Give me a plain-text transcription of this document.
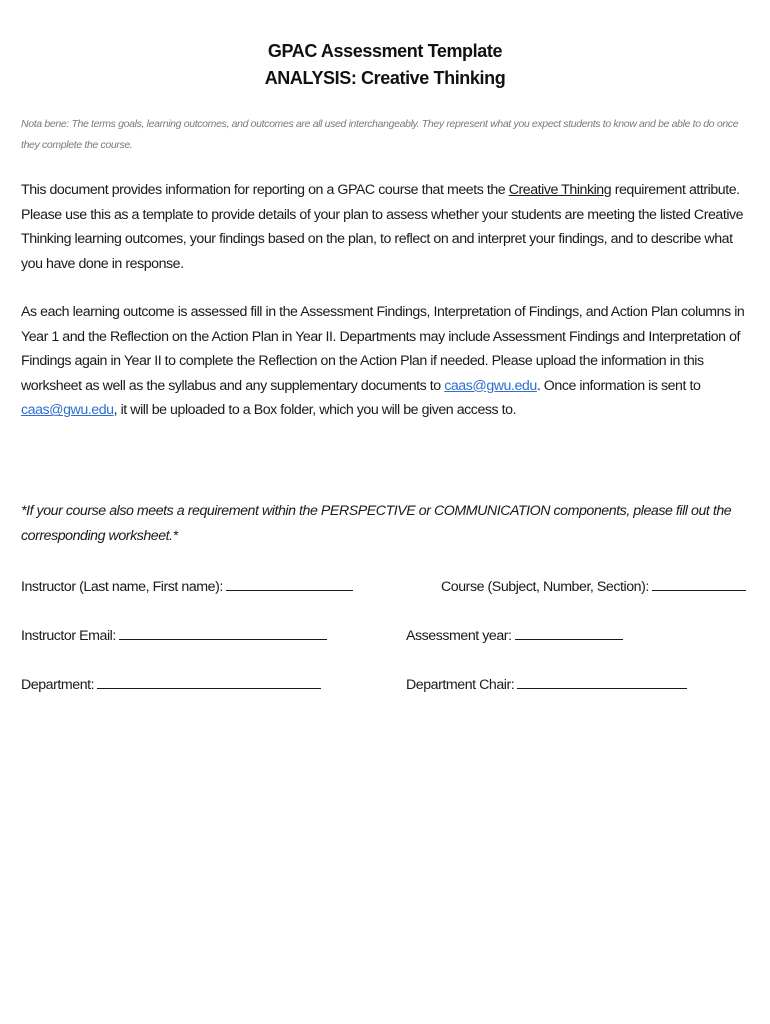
GPAC Assessment Template
ANALYSIS: Creative Thinking
Nota bene: The terms goals, learning outcomes, and outcomes are all used interchangeably. They represent what you expect students to know and be able to do once they complete the course.
This document provides information for reporting on a GPAC course that meets the Creative Thinking requirement attribute. Please use this as a template to provide details of your plan to assess whether your students are meeting the listed Creative Thinking learning outcomes, your findings based on the plan, to reflect on and interpret your findings, and to describe what you have done in response.
As each learning outcome is assessed fill in the Assessment Findings, Interpretation of Findings, and Action Plan columns in Year 1 and the Reflection on the Action Plan in Year II. Departments may include Assessment Findings and Interpretation of Findings again in Year II to complete the Reflection on the Action Plan if needed. Please upload the information in this worksheet as well as the syllabus and any supplementary documents to caas@gwu.edu. Once information is sent to caas@gwu.edu, it will be uploaded to a Box folder, which you will be given access to.
*If your course also meets a requirement within the PERSPECTIVE or COMMUNICATION components, please fill out the corresponding worksheet.*
Instructor (Last name, First name):	Course (Subject, Number, Section):
Instructor Email:	Assessment year:
Department:	Department Chair:
